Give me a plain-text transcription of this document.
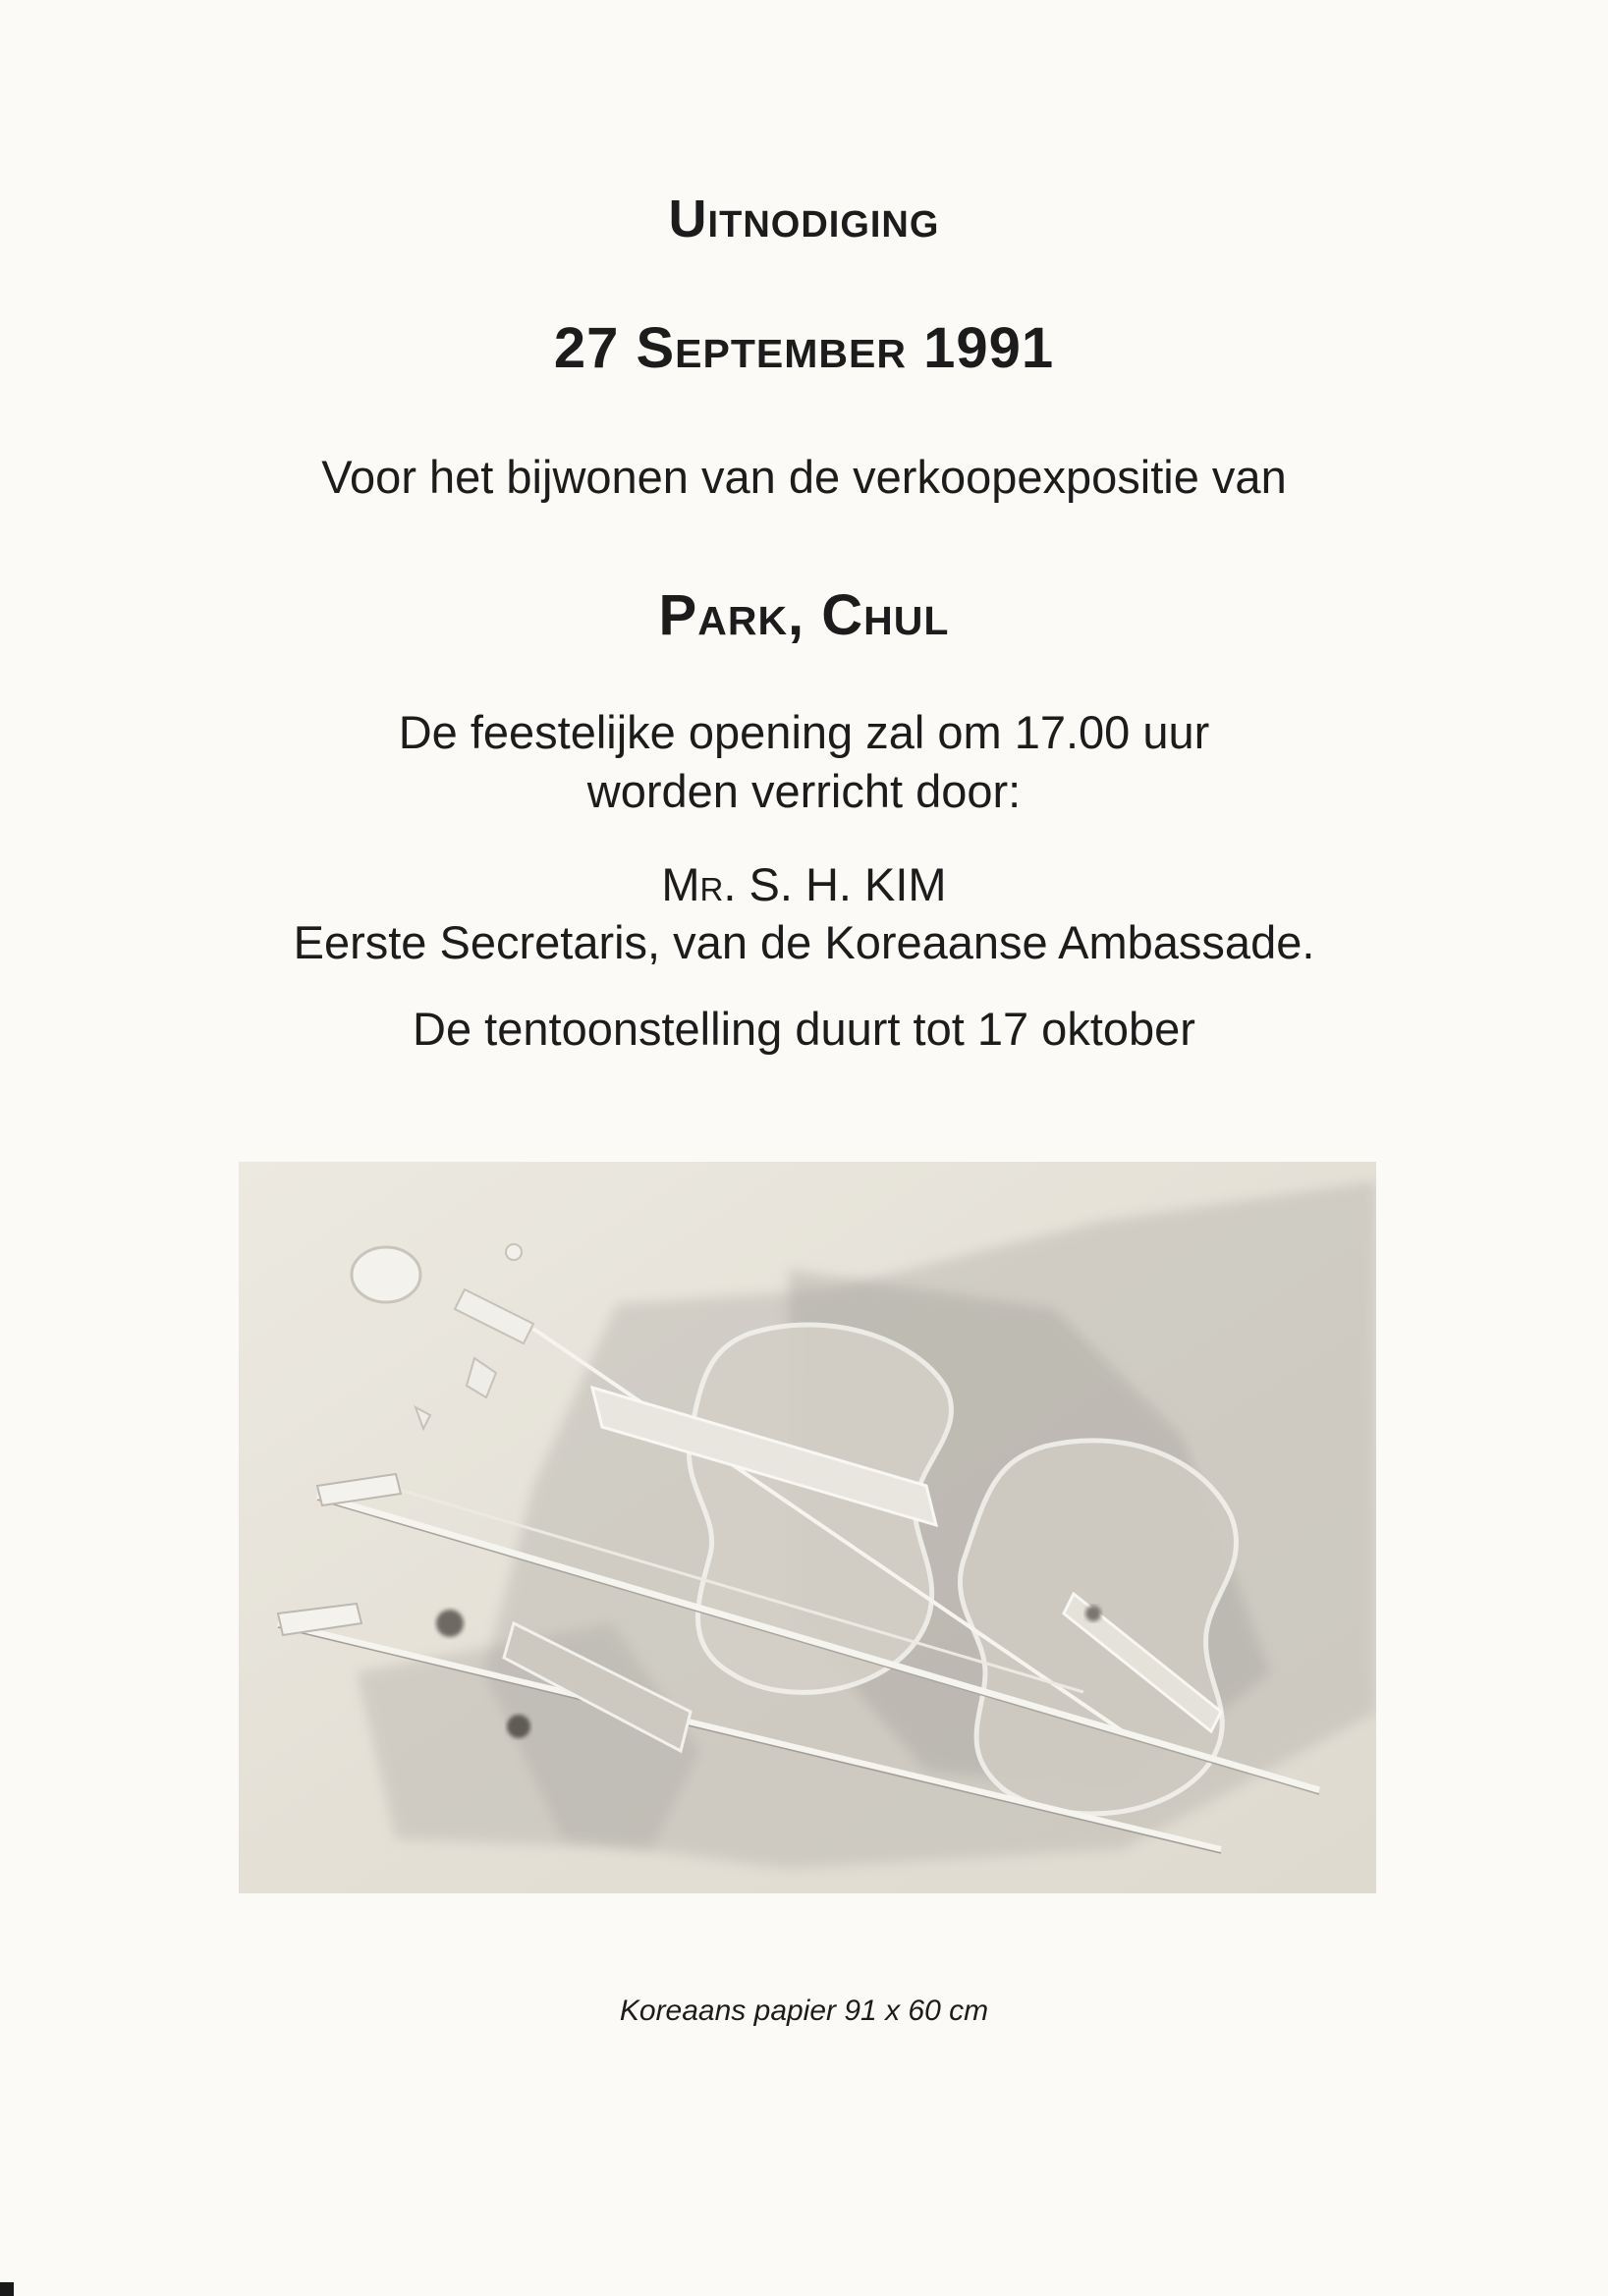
Uitnodiging
27 September 1991
Voor het bijwonen van de verkoopexpositie van
Park, Chul
De feestelijke opening zal om 17.00 uur
worden verricht door:
Mr. S. H. KIM
Eerste Secretaris, van de Koreaanse Ambassade.
De tentoonstelling duurt tot 17 oktober
Koreaans papier 91 x 60 cm
